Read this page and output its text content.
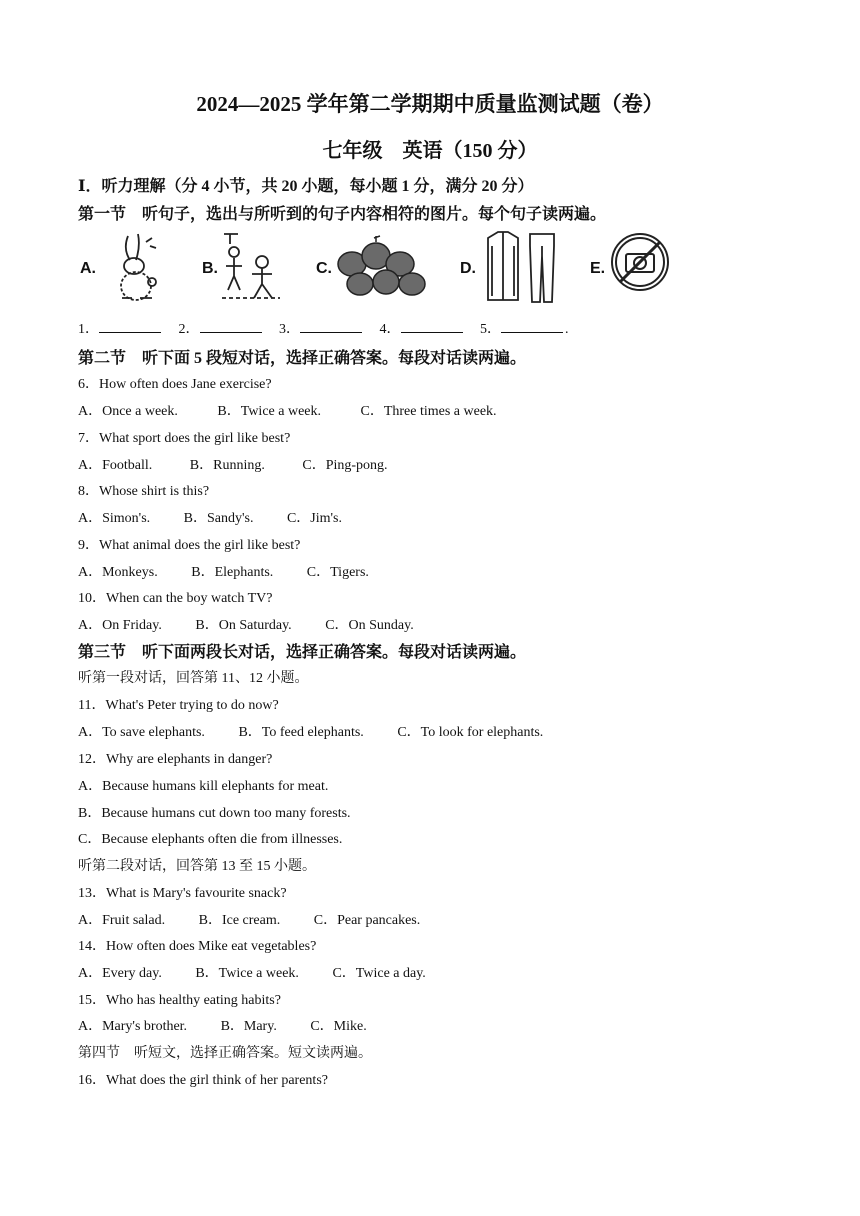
2024—2025 学年第二学期期中质量监测试题（卷）
七年级　英语（150 分）
Ⅰ．听力理解（分 4 小节，共 20 小题，每小题 1 分，满分 20 分）
第一节　听句子，选出与所听到的句子内容相符的图片。每个句子读两遍。
A.	B.	C.	D.	E.
1．	2．	3．	4．	5．	.
第二节　听下面 5 段短对话，选择正确答案。每段对话读两遍。
6．How often does Jane exercise?
A．Once a week.	B．Twice a week.	C．Three times a week.
7．What sport does the girl like best?
A．Football.	B．Running.	C．Ping-pong.
8．Whose shirt is this?
A．Simon's. B．Sandy's. C．Jim's.
9．What animal does the girl like best?
A．Monkeys. B．Elephants. C．Tigers.
10．When can the boy watch TV?
A．On Friday. B．On Saturday. C．On Sunday.
第三节　听下面两段长对话，选择正确答案。每段对话读两遍。
听第一段对话，回答第 11、12 小题。
11．What's Peter trying to do now?
A．To save elephants. B．To feed elephants. C．To look for elephants.
12．Why are elephants in danger?
A．Because humans kill elephants for meat.
B．Because humans cut down too many forests.
C．Because elephants often die from illnesses.
听第二段对话，回答第 13 至 15 小题。
13．What is Mary's favourite snack?
A．Fruit salad. B．Ice cream. C．Pear pancakes.
14．How often does Mike eat vegetables?
A．Every day. B．Twice a week. C．Twice a day.
15．Who has healthy eating habits?
A．Mary's brother. B．Mary. C．Mike.
第四节　听短文，选择正确答案。短文读两遍。
16．What does the girl think of her parents?
